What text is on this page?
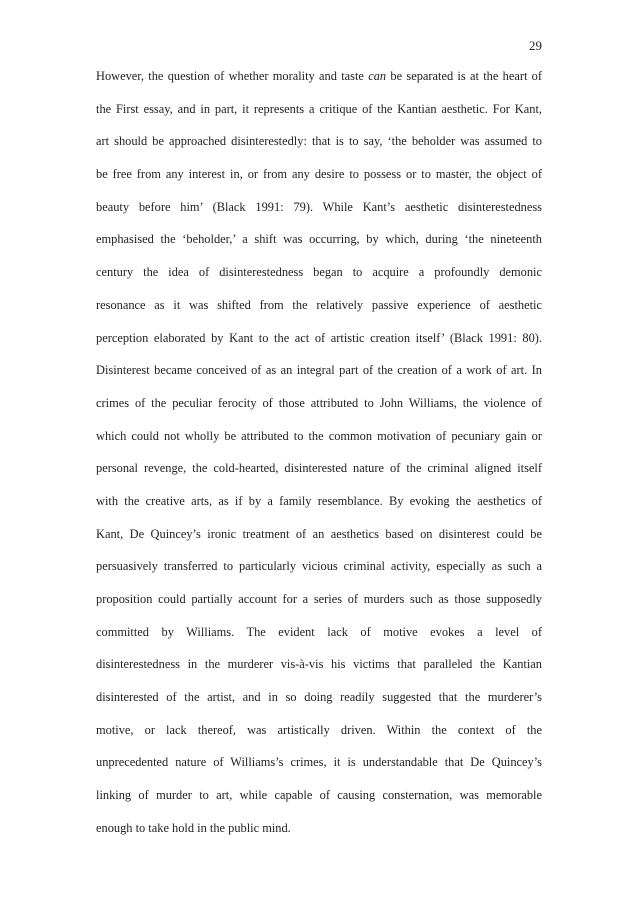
29
However, the question of whether morality and taste can be separated is at the heart of
the First essay, and in part, it represents a critique of the Kantian aesthetic. For Kant,
art should be approached disinterestedly: that is to say, ‘the beholder was assumed to
be free from any interest in, or from any desire to possess or to master, the object of
beauty before him’ (Black 1991: 79). While Kant’s aesthetic disinterestedness
emphasised the ‘beholder,’ a shift was occurring, by which, during ‘the nineteenth
century the idea of disinterestedness began to acquire a profoundly demonic
resonance as it was shifted from the relatively passive experience of aesthetic
perception elaborated by Kant to the act of artistic creation itself’ (Black 1991: 80).
Disinterest became conceived of as an integral part of the creation of a work of art. In
crimes of the peculiar ferocity of those attributed to John Williams, the violence of
which could not wholly be attributed to the common motivation of pecuniary gain or
personal revenge, the cold-hearted, disinterested nature of the criminal aligned itself
with the creative arts, as if by a family resemblance. By evoking the aesthetics of
Kant, De Quincey’s ironic treatment of an aesthetics based on disinterest could be
persuasively transferred to particularly vicious criminal activity, especially as such a
proposition could partially account for a series of murders such as those supposedly
committed by Williams. The evident lack of motive evokes a level of
disinterestedness in the murderer vis-à-vis his victims that paralleled the Kantian
disinterested of the artist, and in so doing readily suggested that the murderer’s
motive, or lack thereof, was artistically driven. Within the context of the
unprecedented nature of Williams’s crimes, it is understandable that De Quincey’s
linking of murder to art, while capable of causing consternation, was memorable
enough to take hold in the public mind.
